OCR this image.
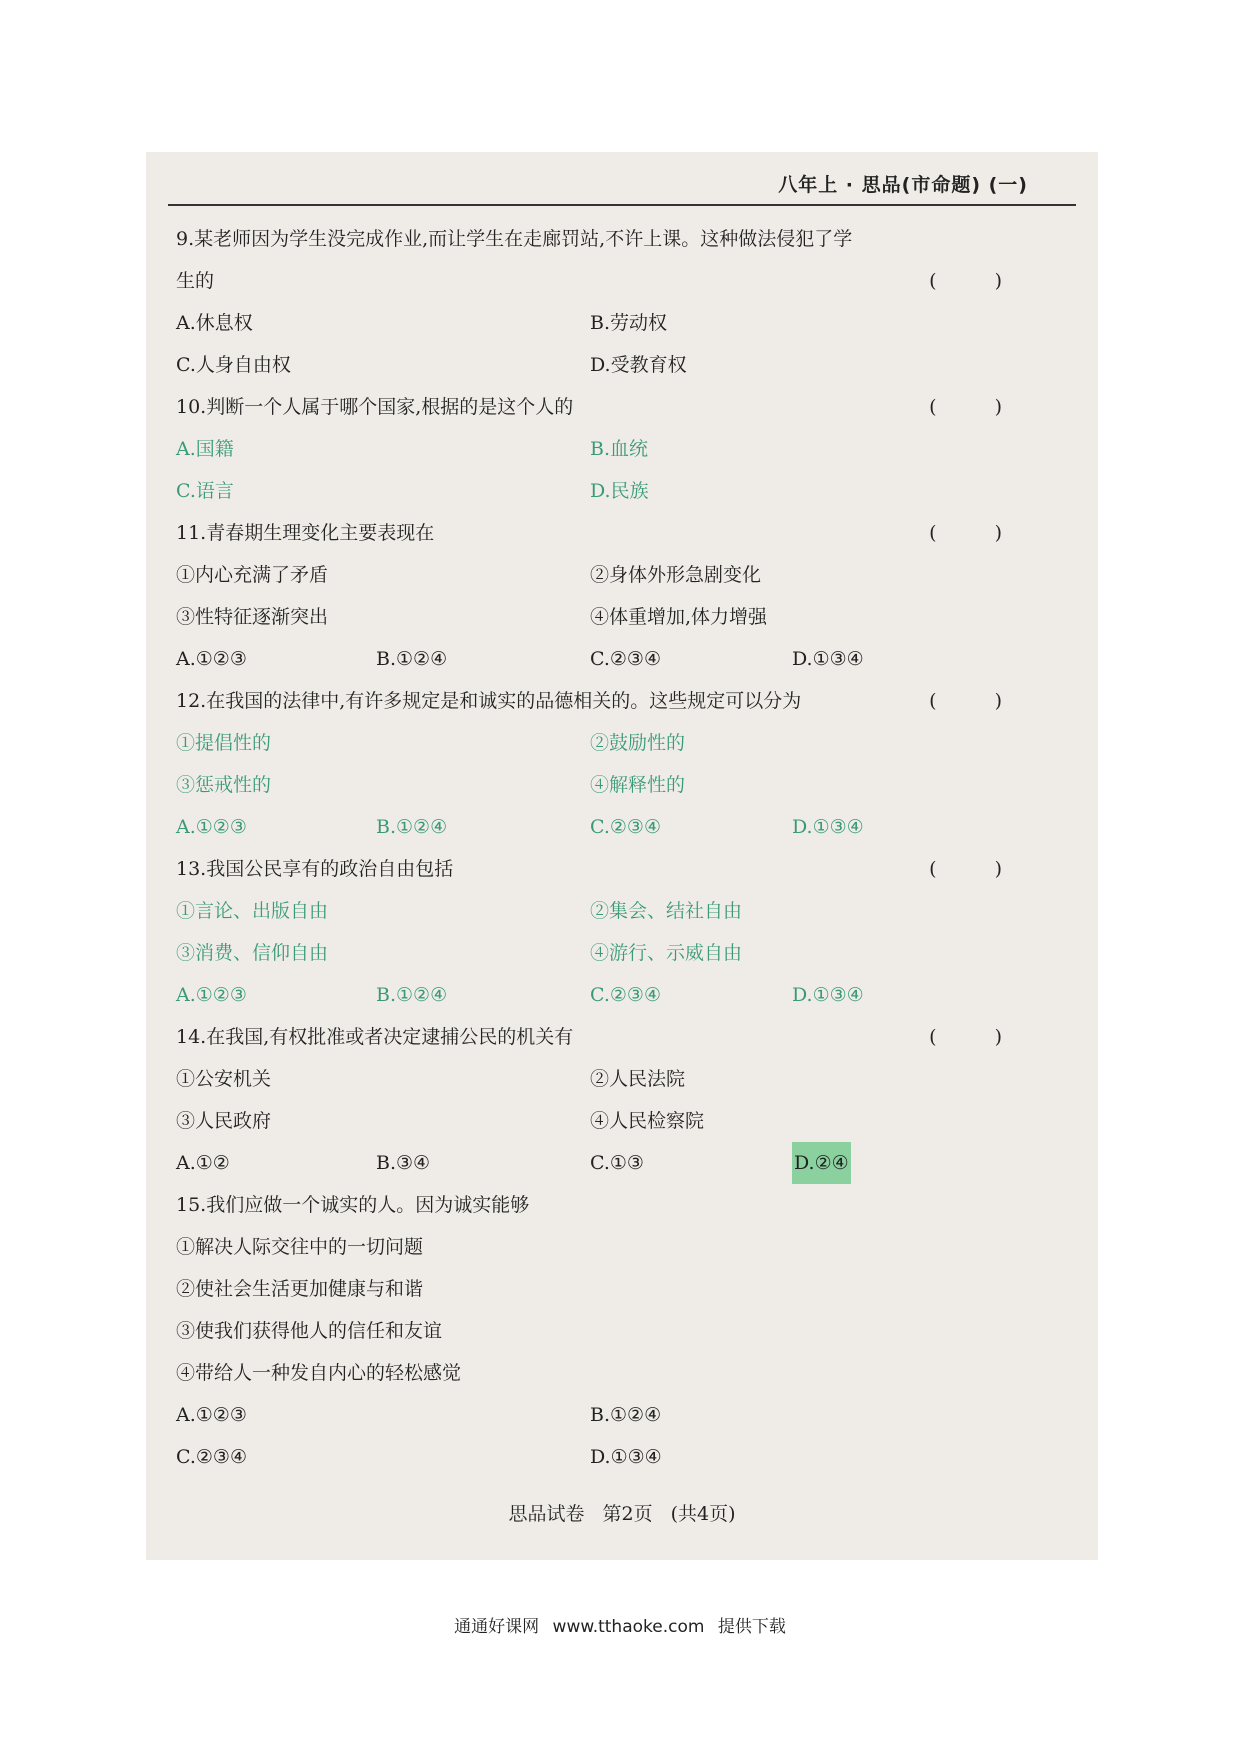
八年上 · 思品(市命题) (一)
9.某老师因为学生没完成作业,而让学生在走廊罚站,不许上课。这种做法侵犯了学
生的	( )
A.休息权	B.劳动权
C.人身自由权	D.受教育权
10.判断一个人属于哪个国家,根据的是这个人的	( )
A.国籍	B.血统
C.语言	D.民族
11.青春期生理变化主要表现在	( )
①内心充满了矛盾	②身体外形急剧变化
③性特征逐渐突出	④体重增加,体力增强
A.①②③	B.①②④	C.②③④	D.①③④
12.在我国的法律中,有许多规定是和诚实的品德相关的。这些规定可以分为	( )
①提倡性的	②鼓励性的
③惩戒性的	④解释性的
A.①②③	B.①②④	C.②③④	D.①③④
13.我国公民享有的政治自由包括	( )
①言论、出版自由	②集会、结社自由
③消费、信仰自由	④游行、示威自由
A.①②③	B.①②④	C.②③④	D.①③④
14.在我国,有权批准或者决定逮捕公民的机关有	( )
①公安机关	②人民法院
③人民政府	④人民检察院
A.①②	B.③④	C.①③	D.②④
15.我们应做一个诚实的人。因为诚实能够
①解决人际交往中的一切问题
②使社会生活更加健康与和谐
③使我们获得他人的信任和友谊
④带给人一种发自内心的轻松感觉
A.①②③	B.①②④
C.②③④	D.①③④
思品试卷 第2页 (共4页)
通通好课网 www.tthaoke.com 提供下载
